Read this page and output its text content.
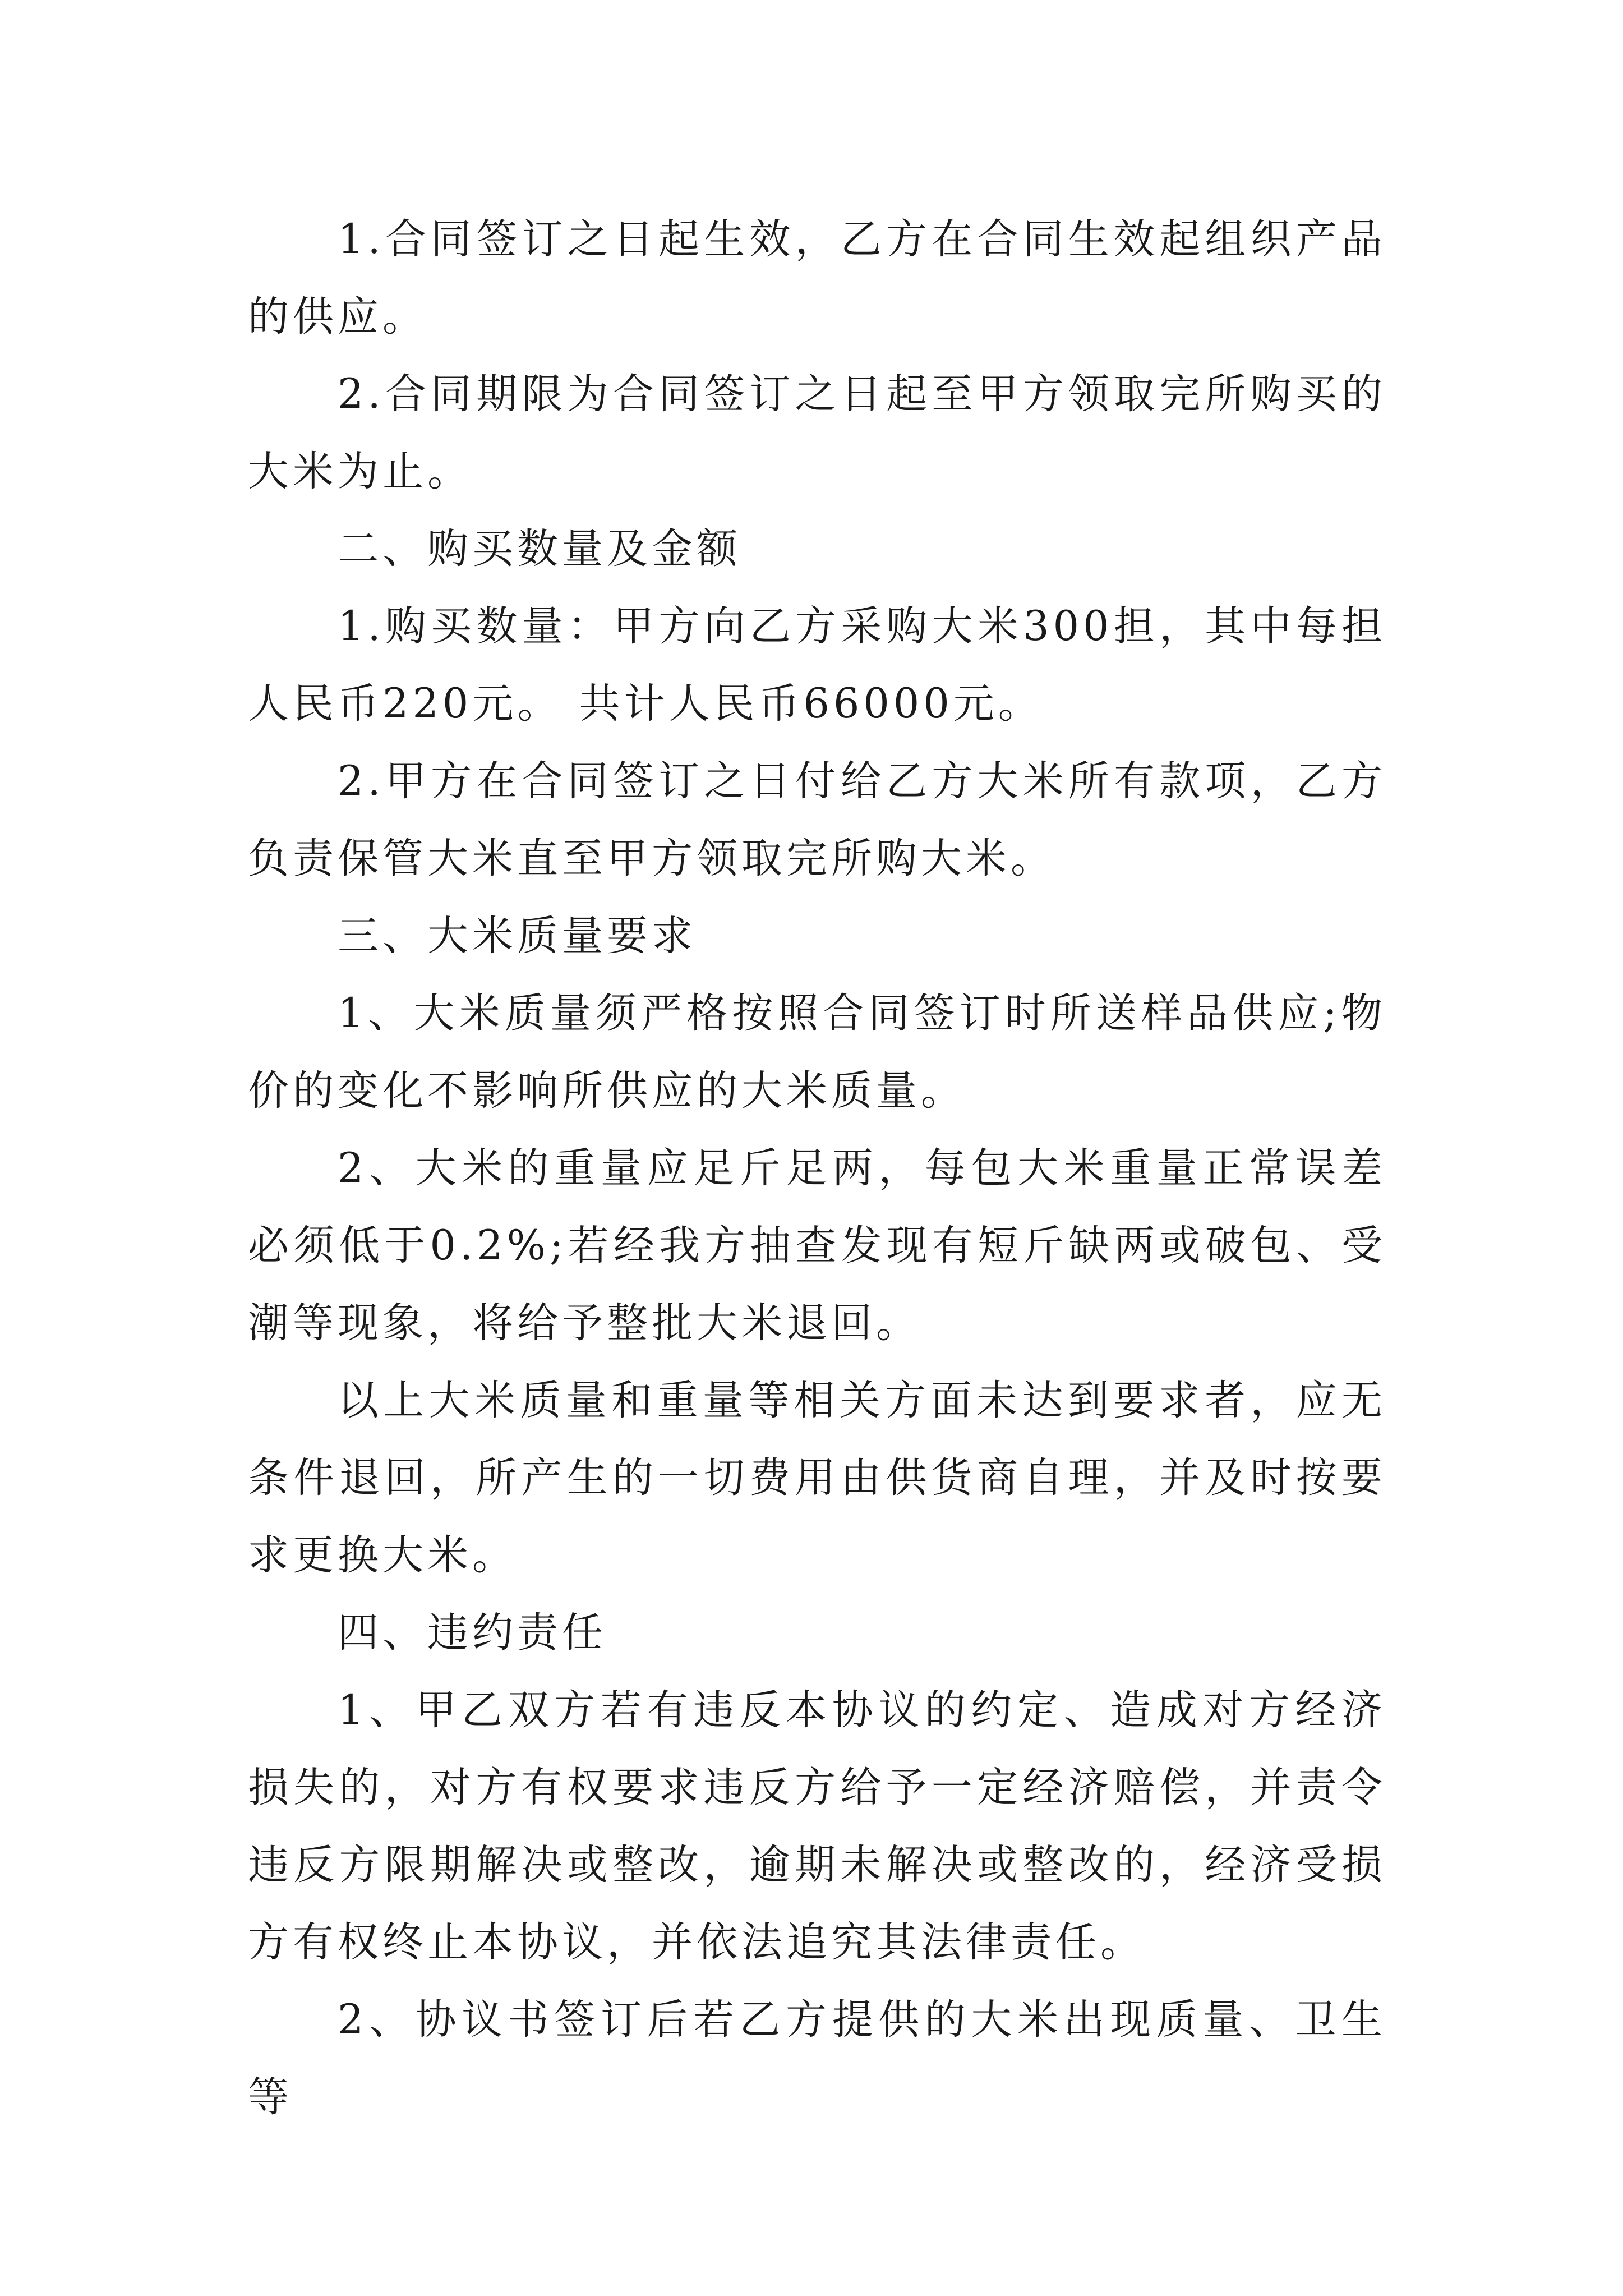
1.合同签订之日起生效，乙方在合同生效起组织产品的供应。

2.合同期限为合同签订之日起至甲方领取完所购买的大米为止。

二、购买数量及金额

1.购买数量：甲方向乙方采购大米300担，其中每担人民币220元。 共计人民币66000元。

2.甲方在合同签订之日付给乙方大米所有款项，乙方负责保管大米直至甲方领取完所购大米。

三、大米质量要求

1、大米质量须严格按照合同签订时所送样品供应;物价的变化不影响所供应的大米质量。

2、大米的重量应足斤足两，每包大米重量正常误差必须低于0.2%;若经我方抽查发现有短斤缺两或破包、受潮等现象，将给予整批大米退回。

以上大米质量和重量等相关方面未达到要求者，应无条件退回，所产生的一切费用由供货商自理，并及时按要求更换大米。

四、违约责任

1、甲乙双方若有违反本协议的约定、造成对方经济损失的，对方有权要求违反方给予一定经济赔偿，并责令违反方限期解决或整改，逾期未解决或整改的，经济受损方有权终止本协议，并依法追究其法律责任。

2、协议书签订后若乙方提供的大米出现质量、卫生等
